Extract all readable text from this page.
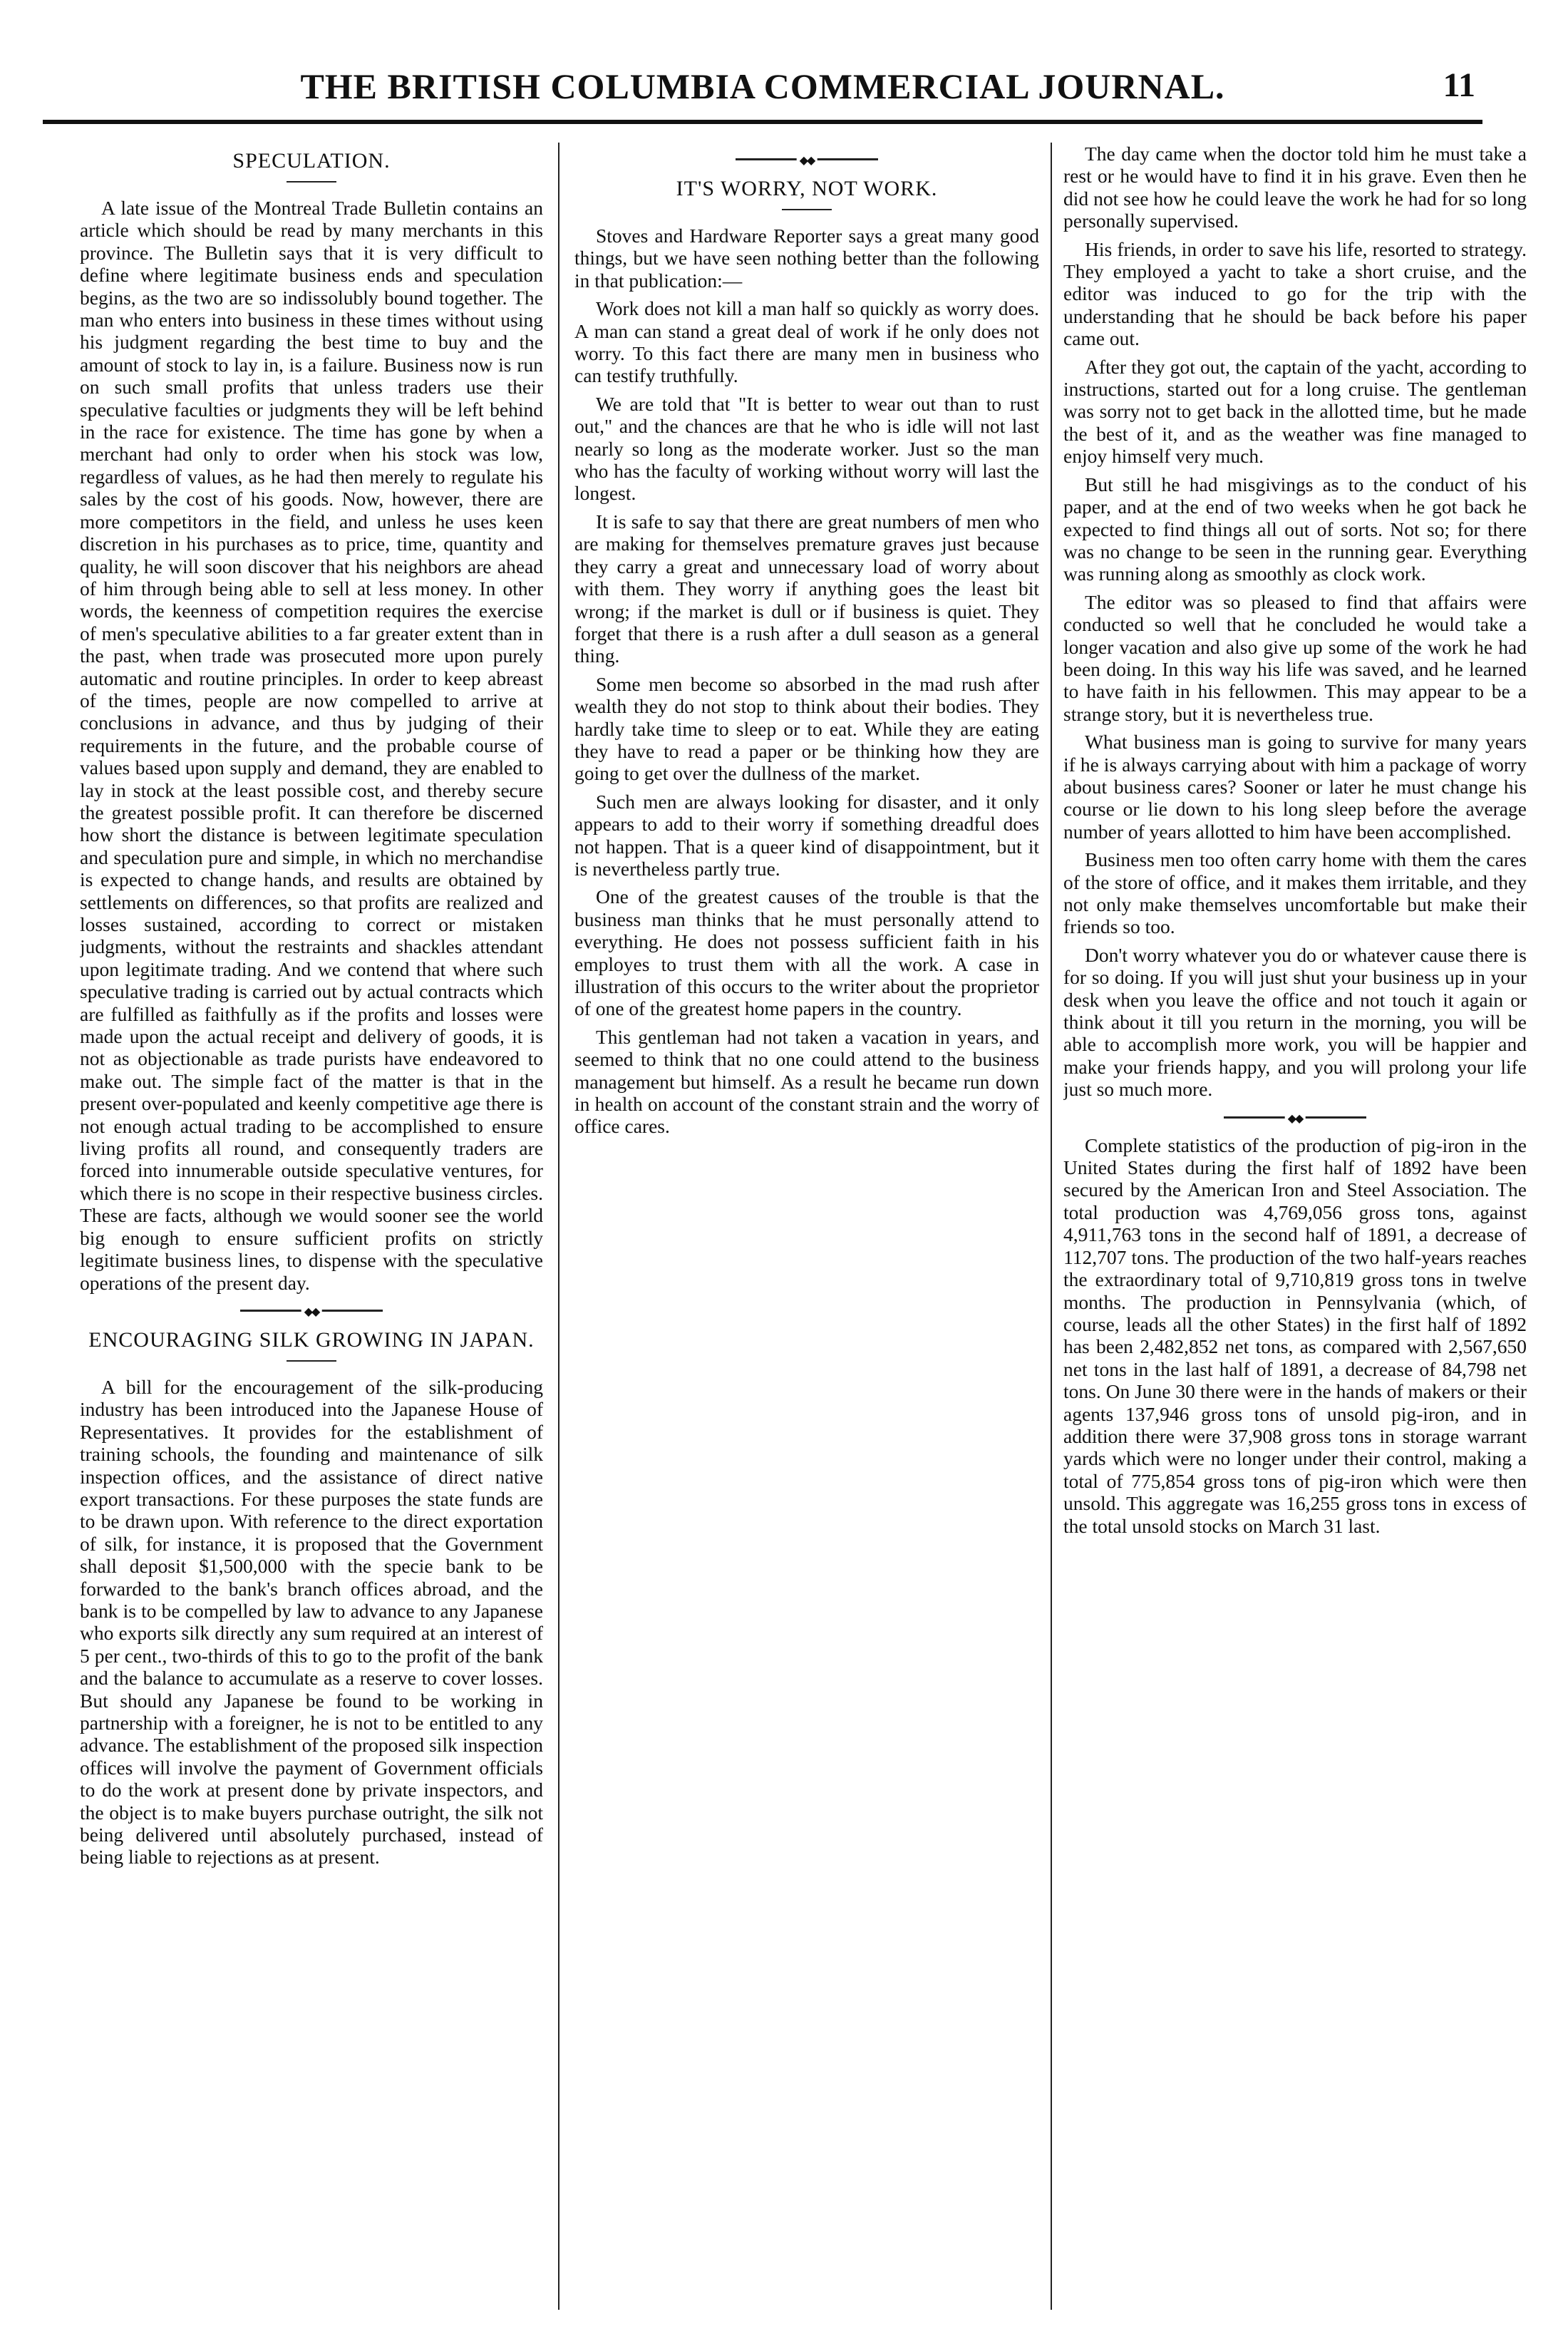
THE BRITISH COLUMBIA COMMERCIAL JOURNAL.	11
SPECULATION.

A late issue of the Montreal Trade Bulletin contains an article which should be read by many merchants in this province. The Bulletin says that it is very difficult to define where legitimate business ends and speculation begins, as the two are so indissolubly bound together. The man who enters into business in these times without using his judgment regarding the best time to buy and the amount of stock to lay in, is a failure. Business now is run on such small profits that unless traders use their speculative faculties or judgments they will be left behind in the race for existence. The time has gone by when a merchant had only to order when his stock was low, regardless of values, as he had then merely to regulate his sales by the cost of his goods. Now, however, there are more competitors in the field, and unless he uses keen discretion in his purchases as to price, time, quantity and quality, he will soon discover that his neighbors are ahead of him through being able to sell at less money. In other words, the keenness of competition requires the exercise of men's speculative abilities to a far greater extent than in the past, when trade was prosecuted more upon purely automatic and routine principles. In order to keep abreast of the times, people are now compelled to arrive at conclusions in advance, and thus by judging of their requirements in the future, and the probable course of values based upon supply and demand, they are enabled to lay in stock at the least possible cost, and thereby secure the greatest possible profit. It can therefore be discerned how short the distance is between legitimate speculation and speculation pure and simple, in which no merchandise is expected to change hands, and results are obtained by settlements on differences, so that profits are realized and losses sustained, according to correct or mistaken judgments, without the restraints and shackles attendant upon legitimate trading. And we contend that where such speculative trading is carried out by actual contracts which are fulfilled as faithfully as if the profits and losses were made upon the actual receipt and delivery of goods, it is not as objectionable as trade purists have endeavored to make out. The simple fact of the matter is that in the present over-populated and keenly competitive age there is not enough actual trading to be accomplished to ensure living profits all round, and consequently traders are forced into innumerable outside speculative ventures, for which there is no scope in their respective business circles. These are facts, although we would sooner see the world big enough to ensure sufficient profits on strictly legitimate business lines, to dispense with the speculative operations of the present day.

◆◆
ENCOURAGING SILK GROWING IN JAPAN.

A bill for the encouragement of the silk-producing industry has been introduced into the Japanese House of Representatives. It provides for the establishment of training schools, the founding and maintenance of silk inspection offices, and the assistance of direct native export transactions. For these purposes the state funds are to be drawn upon. With reference to the direct exportation of silk, for instance, it is proposed that the Government shall deposit $1,500,000 with the specie bank to be forwarded to the bank's branch offices abroad, and the bank is to be compelled by law to advance to any Japanese who exports silk directly any sum required at an interest of 5 per cent., two-thirds of this to go to the profit of the bank and the balance to accumulate as a reserve to cover losses. But should any Japanese be found to be working in partnership with a foreigner, he is not to be entitled to any advance. The establishment of the proposed silk inspection offices will involve the payment of Government officials to do the work at present done by private inspectors, and the object is to make buyers purchase outright, the silk not being delivered until absolutely purchased, instead of being liable to rejections as at present.

◆◆
IT'S WORRY, NOT WORK.

Stoves and Hardware Reporter says a great many good things, but we have seen nothing better than the following in that publication:—

Work does not kill a man half so quickly as worry does. A man can stand a great deal of work if he only does not worry. To this fact there are many men in business who can testify truthfully.

We are told that "It is better to wear out than to rust out," and the chances are that he who is idle will not last nearly so long as the moderate worker. Just so the man who has the faculty of working without worry will last the longest.

It is safe to say that there are great numbers of men who are making for themselves premature graves just because they carry a great and unnecessary load of worry about with them. They worry if anything goes the least bit wrong; if the market is dull or if business is quiet. They forget that there is a rush after a dull season as a general thing.

Some men become so absorbed in the mad rush after wealth they do not stop to think about their bodies. They hardly take time to sleep or to eat. While they are eating they have to read a paper or be thinking how they are going to get over the dullness of the market.

Such men are always looking for disaster, and it only appears to add to their worry if something dreadful does not happen. That is a queer kind of disappointment, but it is nevertheless partly true.

One of the greatest causes of the trouble is that the business man thinks that he must personally attend to everything. He does not possess sufficient faith in his employes to trust them with all the work. A case in illustration of this occurs to the writer about the proprietor of one of the greatest home papers in the country.

This gentleman had not taken a vacation in years, and seemed to think that no one could attend to the business management but himself. As a result he became run down in health on account of the constant strain and the worry of office cares.

The day came when the doctor told him he must take a rest or he would have to find it in his grave. Even then he did not see how he could leave the work he had for so long personally supervised.

His friends, in order to save his life, resorted to strategy. They employed a yacht to take a short cruise, and the editor was induced to go for the trip with the understanding that he should be back before his paper came out.

After they got out, the captain of the yacht, according to instructions, started out for a long cruise. The gentleman was sorry not to get back in the allotted time, but he made the best of it, and as the weather was fine managed to enjoy himself very much.

But still he had misgivings as to the conduct of his paper, and at the end of two weeks when he got back he expected to find things all out of sorts. Not so; for there was no change to be seen in the running gear. Everything was running along as smoothly as clock work.

The editor was so pleased to find that affairs were conducted so well that he concluded he would take a longer vacation and also give up some of the work he had been doing. In this way his life was saved, and he learned to have faith in his fellowmen. This may appear to be a strange story, but it is nevertheless true.

What business man is going to survive for many years if he is always carrying about with him a package of worry about business cares? Sooner or later he must change his course or lie down to his long sleep before the average number of years allotted to him have been accomplished.

Business men too often carry home with them the cares of the store of office, and it makes them irritable, and they not only make themselves uncomfortable but make their friends so too.

Don't worry whatever you do or whatever cause there is for so doing. If you will just shut your business up in your desk when you leave the office and not touch it again or think about it till you return in the morning, you will be able to accomplish more work, you will be happier and make your friends happy, and you will prolong your life just so much more.

◆◆

Complete statistics of the production of pig-iron in the United States during the first half of 1892 have been secured by the American Iron and Steel Association. The total production was 4,769,056 gross tons, against 4,911,763 tons in the second half of 1891, a decrease of 112,707 tons. The production of the two half-years reaches the extraordinary total of 9,710,819 gross tons in twelve months. The production in Pennsylvania (which, of course, leads all the other States) in the first half of 1892 has been 2,482,852 net tons, as compared with 2,567,650 net tons in the last half of 1891, a decrease of 84,798 net tons. On June 30 there were in the hands of makers or their agents 137,946 gross tons of unsold pig-iron, and in addition there were 37,908 gross tons in storage warrant yards which were no longer under their control, making a total of 775,854 gross tons of pig-iron which were then unsold. This aggregate was 16,255 gross tons in excess of the total unsold stocks on March 31 last.
